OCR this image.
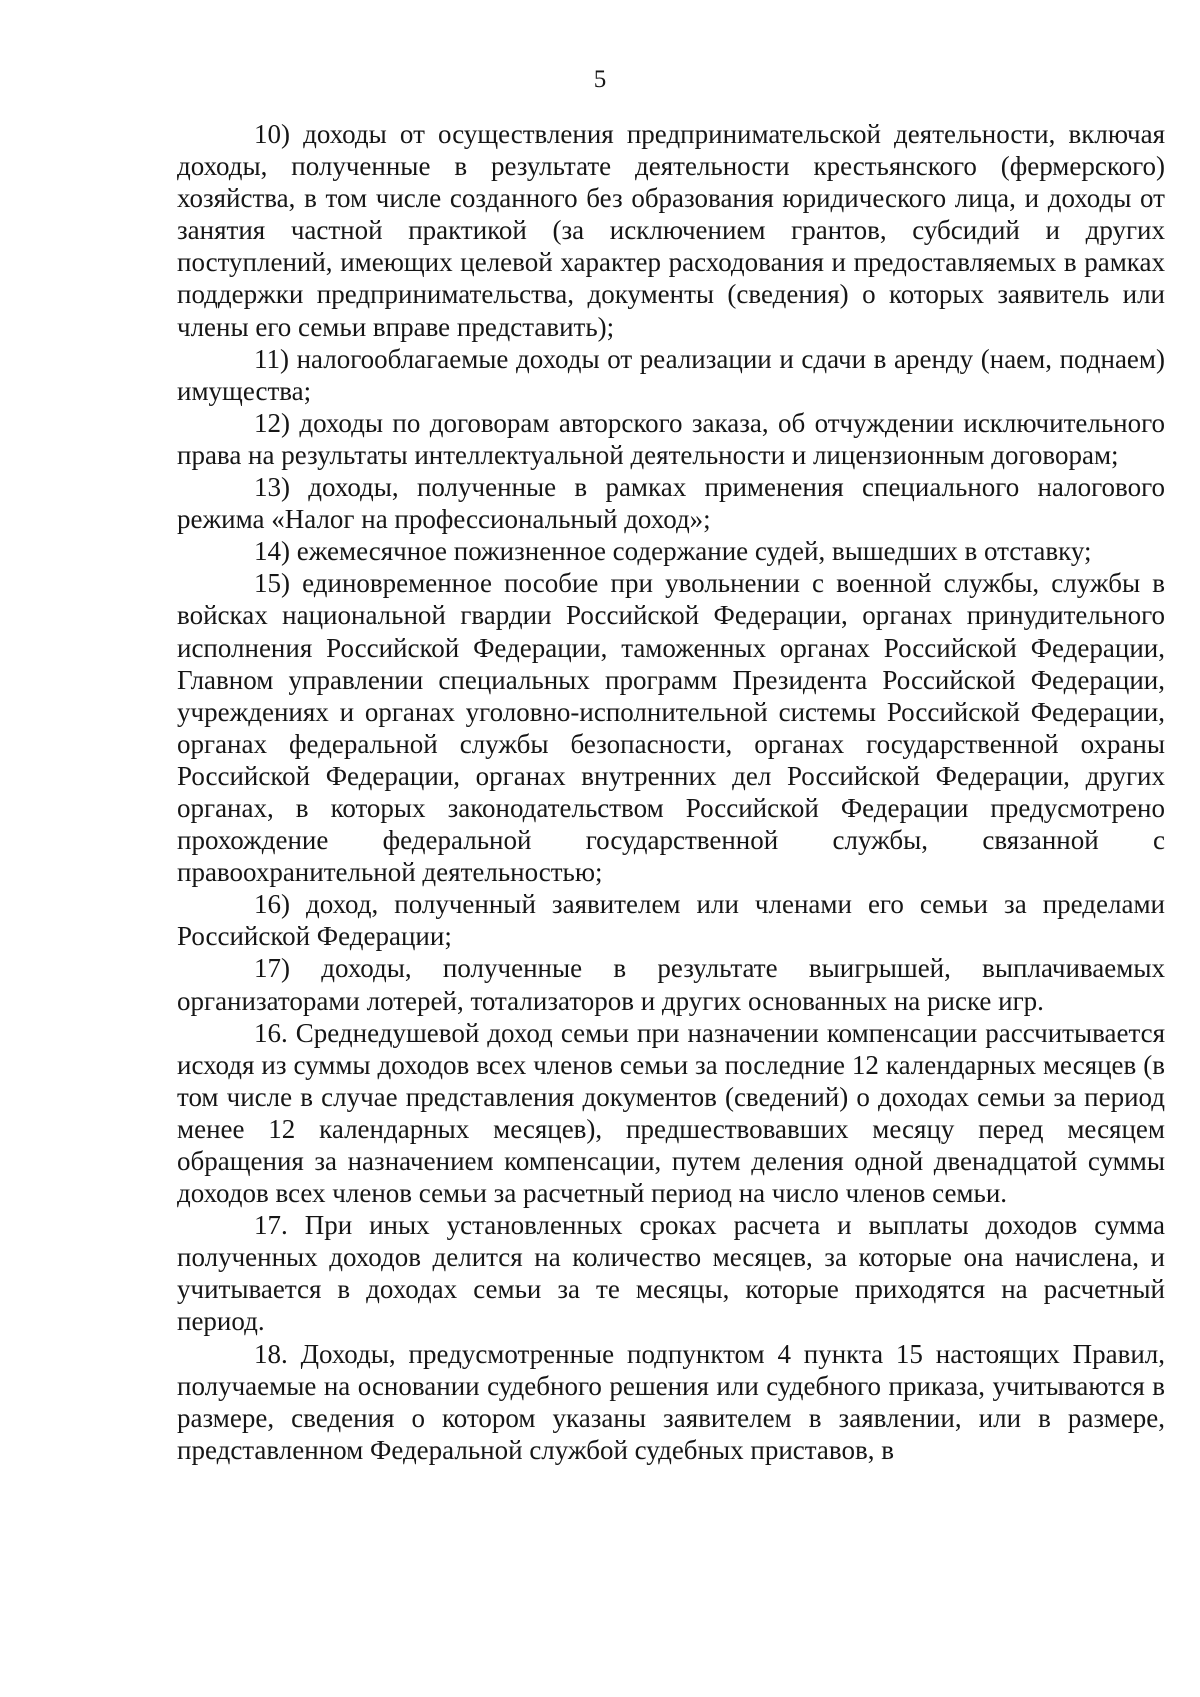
5

10) доходы от осуществления предпринимательской деятельности, включая доходы, полученные в результате деятельности крестьянского (фермерского) хозяйства, в том числе созданного без образования юридического лица, и доходы от занятия частной практикой (за исключением грантов, субсидий и других поступлений, имеющих целевой характер расходования и предоставляемых в рамках поддержки предпринимательства, документы (сведения) о которых заявитель или члены его семьи вправе представить);

11) налогооблагаемые доходы от реализации и сдачи в аренду (наем, поднаем) имущества;

12) доходы по договорам авторского заказа, об отчуждении исключительного права на результаты интеллектуальной деятельности и лицензионным договорам;

13) доходы, полученные в рамках применения специального налогового режима «Налог на профессиональный доход»;

14) ежемесячное пожизненное содержание судей, вышедших в отставку;

15) единовременное пособие при увольнении с военной службы, службы в войсках национальной гвардии Российской Федерации, органах принудительного исполнения Российской Федерации, таможенных органах Российской Федерации, Главном управлении специальных программ Президента Российской Федерации, учреждениях и органах уголовно-исполнительной системы Российской Федерации, органах федеральной службы безопасности, органах государственной охраны Российской Федерации, органах внутренних дел Российской Федерации, других органах, в которых законодательством Российской Федерации предусмотрено прохождение федеральной государственной службы, связанной с правоохранительной деятельностью;

16) доход, полученный заявителем или членами его семьи за пределами Российской Федерации;

17) доходы, полученные в результате выигрышей, выплачиваемых организаторами лотерей, тотализаторов и других основанных на риске игр.

16. Среднедушевой доход семьи при назначении компенсации рассчитывается исходя из суммы доходов всех членов семьи за последние 12 календарных месяцев (в том числе в случае представления документов (сведений) о доходах семьи за период менее 12 календарных месяцев), предшествовавших месяцу перед месяцем обращения за назначением компенсации, путем деления одной двенадцатой суммы доходов всех членов семьи за расчетный период на число членов семьи.

17. При иных установленных сроках расчета и выплаты доходов сумма полученных доходов делится на количество месяцев, за которые она начислена, и учитывается в доходах семьи за те месяцы, которые приходятся на расчетный период.

18. Доходы, предусмотренные подпунктом 4 пункта 15 настоящих Правил, получаемые на основании судебного решения или судебного приказа, учитываются в размере, сведения о котором указаны заявителем в заявлении, или в размере, представленном Федеральной службой судебных приставов, в
